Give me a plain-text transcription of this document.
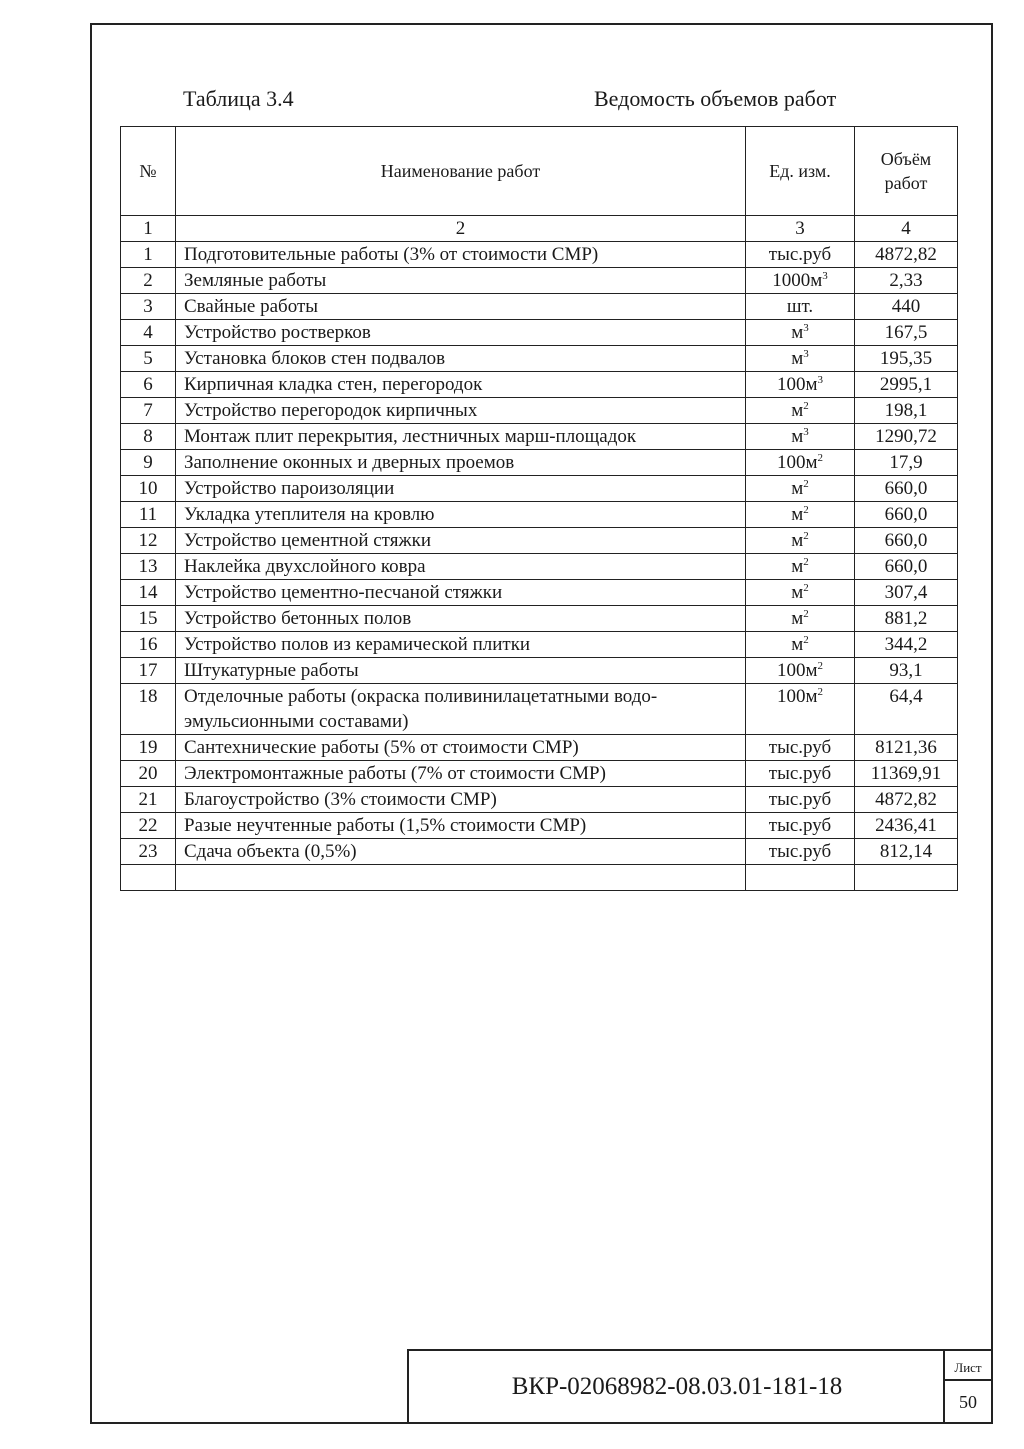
Таблица 3.4	Ведомость объемов работ
№	Наименование работ	Ед. изм.	Объём работ
1	2	3	4
1	Подготовительные работы (3% от стоимости СМР)	тыс.руб	4872,82
2	Земляные работы	$1000м^3$	2,33
3	Свайные работы	шт.	440
4	Устройство ростверков	$м^3$	167,5
5	Установка блоков стен подвалов	$м^3$	195,35
6	Кирпичная кладка стен, перегородок	$100м^3$	2995,1
7	Устройство перегородок кирпичных	$м^2$	198,1
8	Монтаж плит перекрытия, лестничных марш-площадок	$м^3$	1290,72
9	Заполнение оконных и дверных проемов	$100м^2$	17,9
10	Устройство пароизоляции	$м^2$	660,0
11	Укладка утеплителя на кровлю	$м^2$	660,0
12	Устройство цементной стяжки	$м^2$	660,0
13	Наклейка двухслойного ковра	$м^2$	660,0
14	Устройство цементно-песчаной стяжки	$м^2$	307,4
15	Устройство бетонных полов	$м^2$	881,2
16	Устройство полов из керамической плитки	$м^2$	344,2
17	Штукатурные работы	$100м^2$	93,1
18	Отделочные работы (окраска поливинилацетатными водо-эмульсионными составами)	$100м^2$	64,4
19	Сантехнические работы (5% от стоимости СМР)	тыс.руб	8121,36
20	Электромонтажные работы (7% от стоимости СМР)	тыс.руб	11369,91
21	Благоустройство (3% стоимости СМР)	тыс.руб	4872,82
22	Разые неучтенные работы (1,5% стоимости СМР)	тыс.руб	2436,41
23	Сдача объекта (0,5%)	тыс.руб	812,14

ВКР-02068982-08.03.01-181-18
Лист
50
